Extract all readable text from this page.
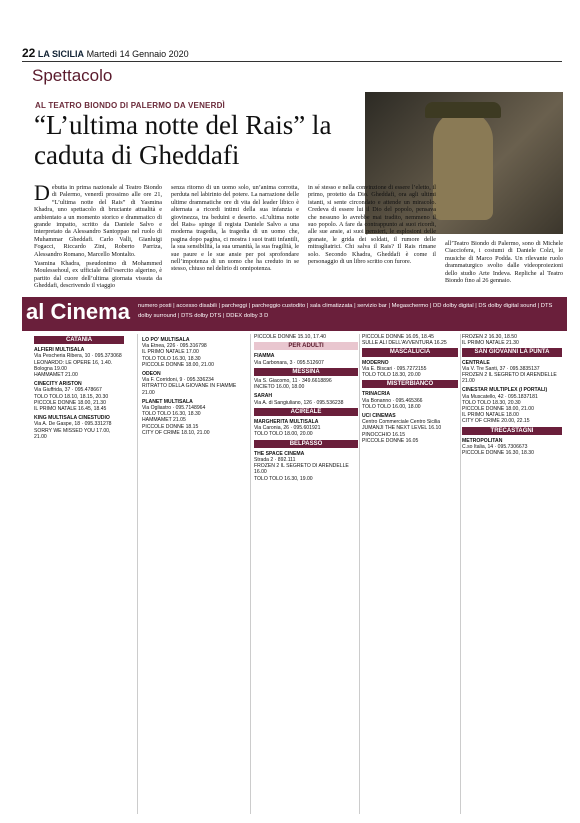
22 LA SICILIA Martedì 14 Gennaio 2020
Spettacolo
AL TEATRO BIONDO DI PALERMO DA VENERDÌ
“L’ultima notte del Rais” la caduta di Gheddafi

Debutta in prima nazionale al Teatro Biondo di Palermo, venerdì prossimo alle ore 21, “L’ultima notte del Rais” di Yasmina Khadra, uno spettacolo di bruciante attualità e ambientato a un momento storico e drammatico di grande impatto, scritto da Daniele Salvo e interpretato da Alessandro Santoppao nel ruolo di Muhammar Gheddafi. Carlo Valli, Gianluigi Fogacci, Riccardo Zini, Roberto Parriza, Alessandro Romano, Marcello Montalto.

Yasmina Khadra, pseudonimo di Mohammed Moulessehoul, ex ufficiale dell’esercito algerino, è partito dal cuore dell’ultima giornata vissuta da Gheddafi, descrivendo il viaggio

senza ritorno di un uomo solo, un’anima corrotta, perduta nel labirinto del potere. La narrazione delle ultime drammatiche ore di vita del leader libico è alternata a ricordi intimi della sua infanzia e giovinezza, tra beduini e deserto. «L’ultima notte del Rais» spinge il regista Daniele Salvo a una moderna tragedia, la tragedia di un uomo che, pagina dopo pagina, ci mostra i suoi tratti infantili, la sua sensibilità, la sua umanità, la sua fragilità, le sue paure e le sue ansie per poi sprofondare nell’impotenza di un uomo che ha creduto in se stesso, chiuso nel delirio di onnipotenza.

in sé stesso e nella convinzione di essere l’eletto, il primo, protetto da Dio. Gheddafi, ora agli ultimi istanti, si sente circondato e attende un miracolo. Credeva di essere lui il Dio del popolo, pensava che nessuno lo avrebbe mai tradito, nemmeno il suo popolo. A fare da contrappunto ai suoi ricordi, alle sue ansie, ai suoi pensieri, le esplosioni delle granate, le grida dei soldati, il rumore delle mitragliatrici. Chi salva il Rais? Il Rais rimane solo. Secondo Khadra, Gheddafi è come il personaggio di un libro scritto con furore.

all’Teatro Biondo di Palermo, sono di Michele Ciacciofera, i costumi di Daniele Colzi, le musiche di Marco Podda. Un rilevante ruolo drammaturgico svolto dalle videoproiezioni dello studio Arte Indeva. Repliche al Teatro Biondo fino al 26 gennaio.

al Cinema numero posti | accesso disabili | parcheggi | parcheggio custodito | sala climatizzata | servizio bar | Megaschermo | DD dolby digital | DS dolby digital sound | DTS dolby surround | DTS dolby DTS | DDEX dolby 3 D
CATANIA
ALFIERI MULTISALA
Via Pescheria Ribera, 10 · 095.373068
LEONARDO: LE OPERE 16, 1.40. Bologna 19.00
HAMMAMET 21.00
CINECITY ARISTON
Via Giuffrida, 37 · 095.478667
TOLO TOLO 18.10, 18.15, 20.30
PICCOLE DONNE 18.00, 21.30
IL PRIMO NATALE 16.45, 18.45
KING MULTISALA CINESTUDIO
Via A. De Gaspe, 18 · 095.331278
SORRY WE MISSED YOU 17.00, 21.00
LO PO' MULTISALA
Via Etnea, 226 · 095.316798
IL PRIMO NATALE 17.00
TOLO TOLO 16.30, 18.30
PICCOLE DONNE 18.00, 21.00
ODEON
Via F. Corridoni, 9 · 095.336234
RITRATTO DELLA GIOVANE IN FIAMME 21.00
PLANET MULTISALA
Via Ogliastro · 095.7148964
TOLO TOLO 16.30, 18.30
HAMMAMET 21.05
PICCOLE DONNE 18.15
CITY OF CRIME 18.10, 21.00
PICCOLE DONNE 15.10, 17.40
PER ADULTI
FIAMMA
Via Carbonara, 3 · 095.512607
MESSINA
Via S. Giacomo, 11 · 349.6618896
INCIETO 16.00, 18.00
SARAH
Via A. di Sangiuliano, 126 · 095.536238
ACIREALE
MARGHERITA MULTISALA
Via Caronia, 26 · 095.601921
TOLO TOLO 18.00, 20.00
BELPASSO
THE SPACE CINEMA
Strada 2 · 892.111
FROZEN 2 IL SEGRETO DI ARENDELLE 16.00
TOLO TOLO 16.30, 19.00
PICCOLE DONNE 16.05, 18.45
SULLE ALI DELL'AVVENTURA 16.25
MASCALUCIA
MODERNO
Via E. Biscari · 095.7272155
TOLO TOLO 18.30, 20.00
MISTERBIANCO
TRINACRIA
Via Bonanno · 095.465366
TOLO TOLO 16.00, 18.00
UCI CINEMAS
Centro Commerciale Centro Sicilia
JUMANJI THE NEXT LEVEL 16.10
PINOCCHIO 16.15
PICCOLE DONNE 16.05
FROZEN 2 16.30, 18.50
IL PRIMO NATALE 21.30
SAN GIOVANNI LA PUNTA
CENTRALE
Via V. Tre Santi, 37 · 095.3835137
FROZEN 2 IL SEGRETO DI ARENDELLE 21.00
CINESTAR MULTIPLEX (I PORTALI)
Via Muscatello, 42 · 095.1837181
TOLO TOLO 18.30, 20.30
PICCOLE DONNE 18.00, 21.00
IL PRIMO NATALE 18.00
CITY OF CRIME 20.00, 22.15
TRECASTAGNI
METROPOLITAN
C.so Italia, 14 · 095.7306673
PICCOLE DONNE 16.30, 18.30
